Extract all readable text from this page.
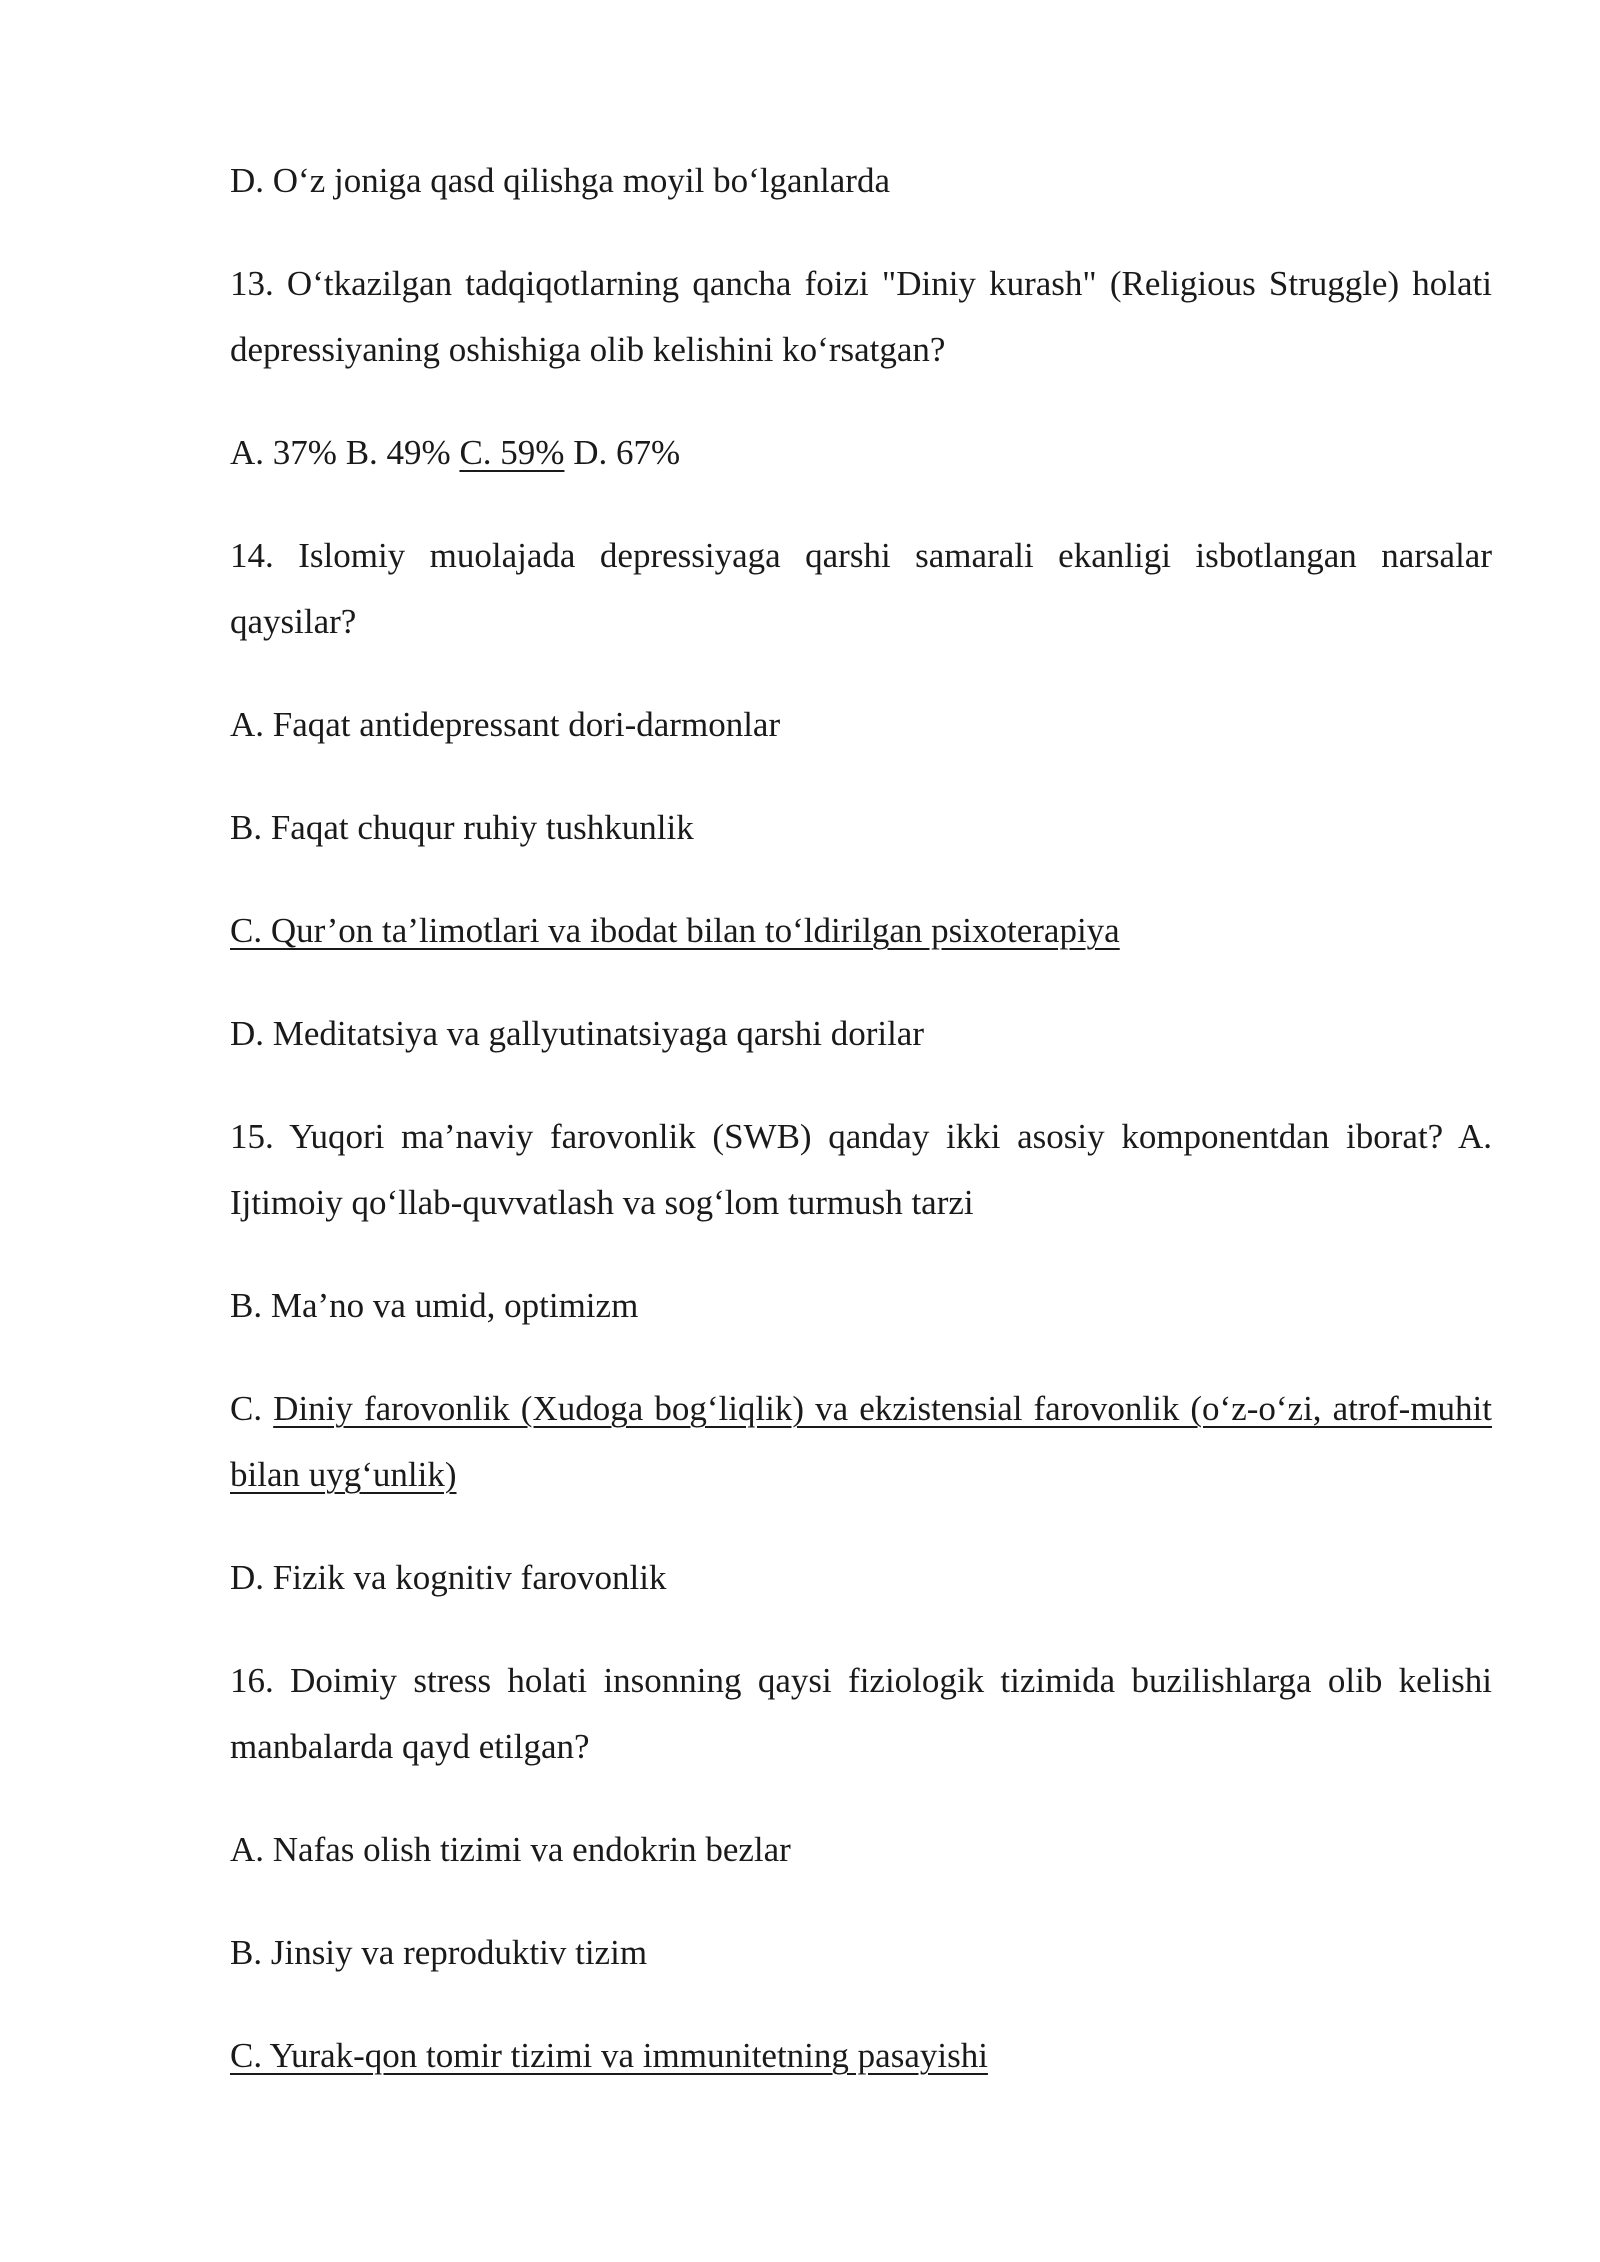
D. O‘z joniga qasd qilishga moyil bo‘lganlarda

13. O‘tkazilgan tadqiqotlarning qancha foizi "Diniy kurash" (Religious Struggle) holati depressiyaning oshishiga olib kelishini ko‘rsatgan?

A. 37% B. 49% C. 59% D. 67%

14. Islomiy muolajada depressiyaga qarshi samarali ekanligi isbotlangan narsalar qaysilar?

A. Faqat antidepressant dori-darmonlar

B. Faqat chuqur ruhiy tushkunlik

C. Qur’on ta’limotlari va ibodat bilan to‘ldirilgan psixoterapiya

D. Meditatsiya va gallyutinatsiyaga qarshi dorilar

15. Yuqori ma’naviy farovonlik (SWB) qanday ikki asosiy komponentdan iborat? A. Ijtimoiy qo‘llab-quvvatlash va sog‘lom turmush tarzi

B. Ma’no va umid, optimizm

C. Diniy farovonlik (Xudoga bog‘liqlik) va ekzistensial farovonlik (o‘z-o‘zi, atrof-muhit bilan uyg‘unlik)

D. Fizik va kognitiv farovonlik

16. Doimiy stress holati insonning qaysi fiziologik tizimida buzilishlarga olib kelishi manbalarda qayd etilgan?

A. Nafas olish tizimi va endokrin bezlar

B. Jinsiy va reproduktiv tizim

C. Yurak-qon tomir tizimi va immunitetning pasayishi
